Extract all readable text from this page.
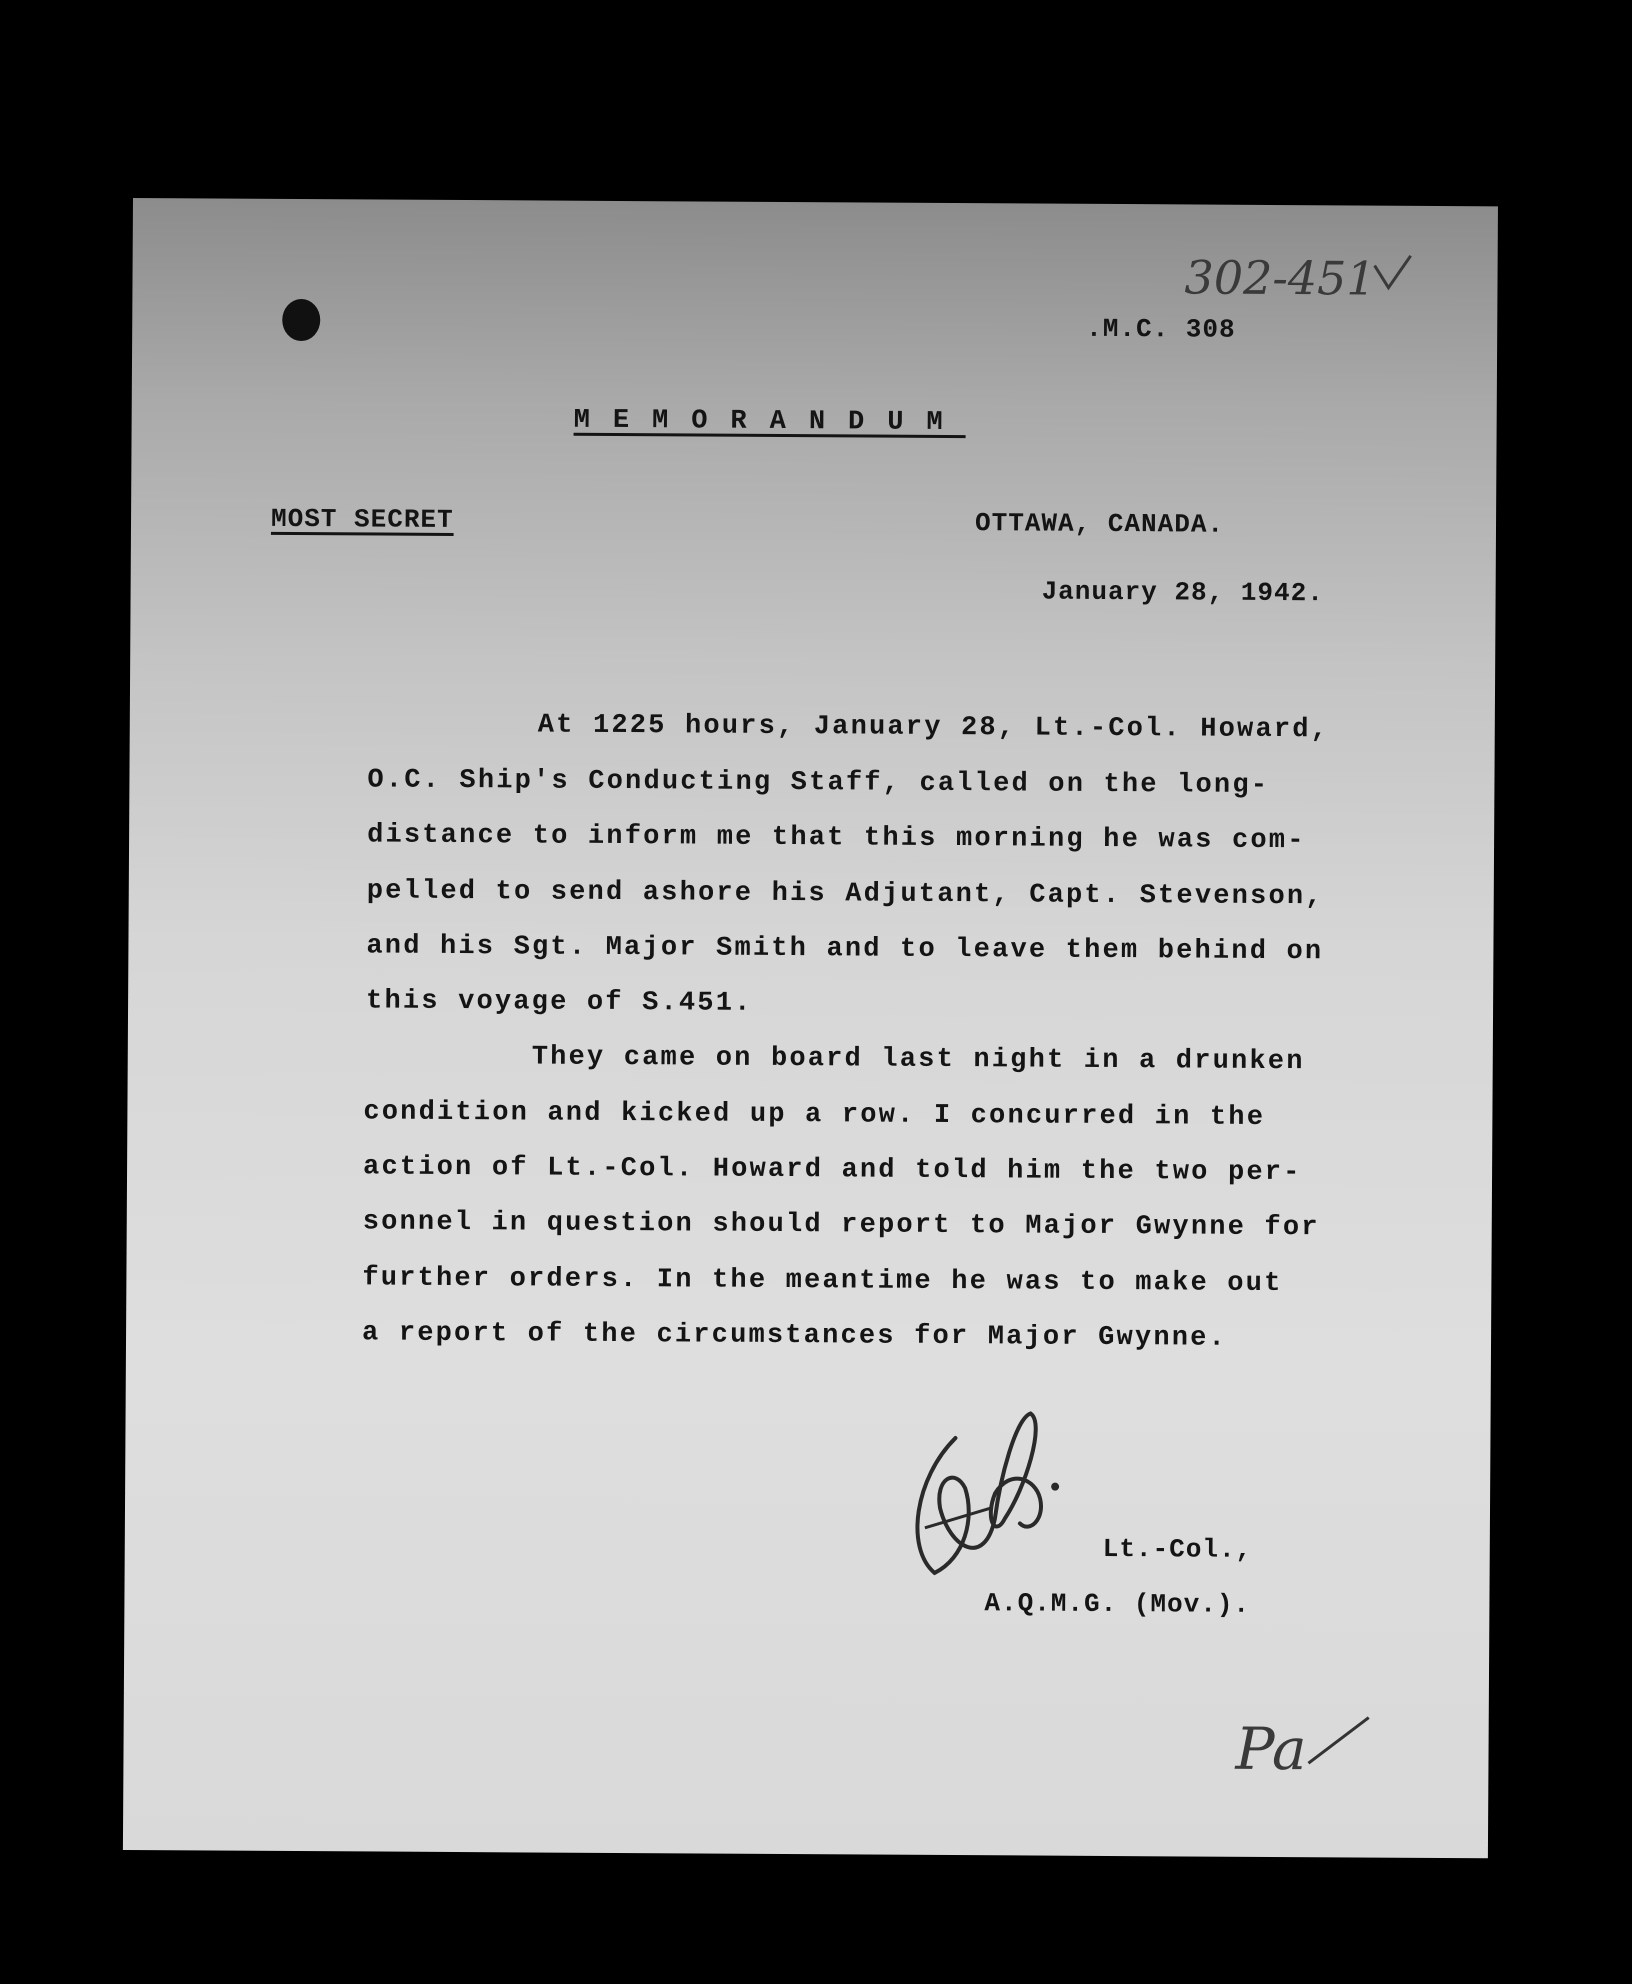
302-451
.M.C. 308
MEMORANDUM
MOST SECRET	OTTAWA, CANADA.
January 28, 1942.
At 1225 hours, January 28, Lt.-Col. Howard,
O.C. Ship's Conducting Staff, called on the long-
distance to inform me that this morning he was com-
pelled to send ashore his Adjutant, Capt. Stevenson,
and his Sgt. Major Smith and to leave them behind on
this voyage of S.451.
They came on board last night in a drunken
condition and kicked up a row. I concurred in the
action of Lt.-Col. Howard and told him the two per-
sonnel in question should report to Major Gwynne for
further orders. In the meantime he was to make out
a report of the circumstances for Major Gwynne.
Lt.-Col.,
A.Q.M.G. (Mov.).
Pa
